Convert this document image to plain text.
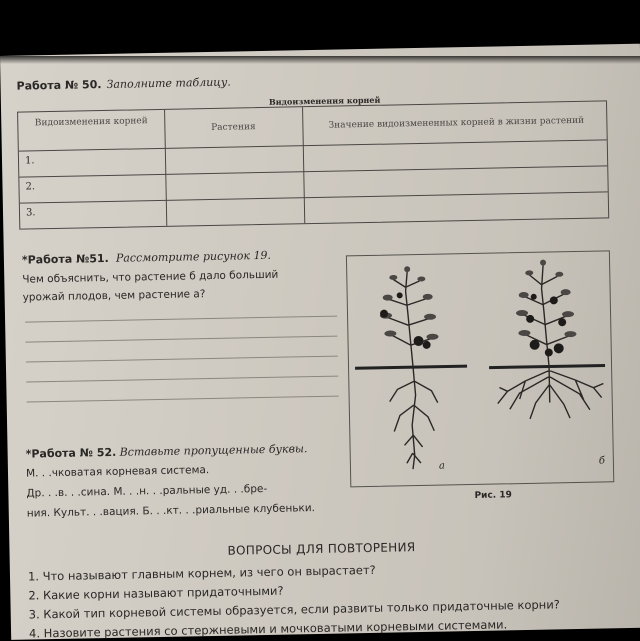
Работа № 50. Заполните таблицу.
Видоизменения корней
Видоизменения корней	Растения	Значение видоизмененных корней в жизни растений
1.
2.
3.
*Работа №51. Рассмотрите рисунок 19.
Чем объяснить, что растение б дало больший
урожай плодов, чем растение а?
а	б
Рис. 19
*Работа № 52. Вставьте пропущенные буквы.
М. . .чковатая корневая система.
Др. . .в. . .сина. М. . .н. . .ральные уд. . .бре-
ния. Культ. . .вация. Б. . .кт. . .риальные клубеньки.
ВОПРОСЫ ДЛЯ ПОВТОРЕНИЯ
1. Что называют главным корнем, из чего он вырастает?
2. Какие корни называют придаточными?
3. Какой тип корневой системы образуется, если развиты только придаточные корни?
4. Назовите растения со стержневыми и мочковатыми корневыми системами.
